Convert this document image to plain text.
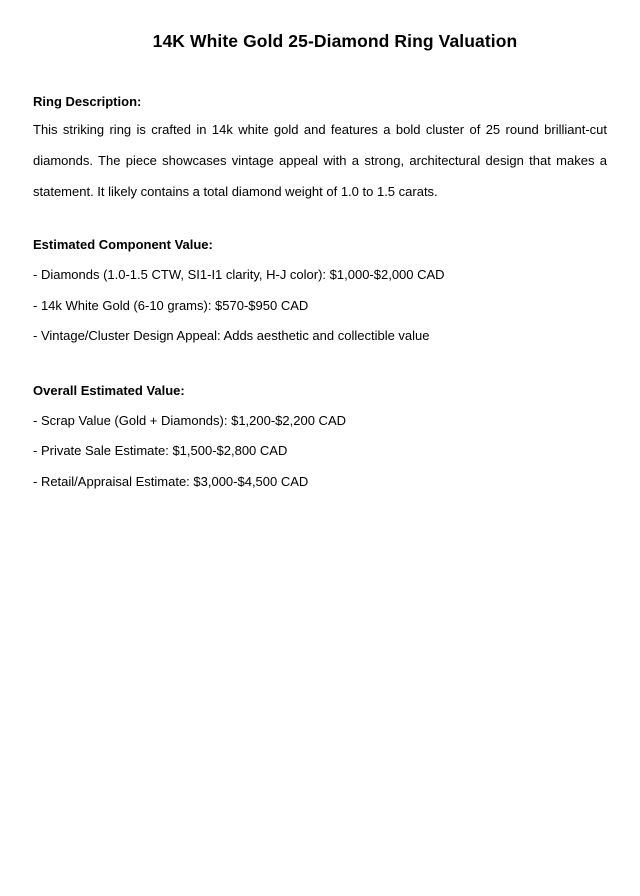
14K White Gold 25-Diamond Ring Valuation

Ring Description:

This striking ring is crafted in 14k white gold and features a bold cluster of 25 round brilliant-cut diamonds. The piece showcases vintage appeal with a strong, architectural design that makes a statement. It likely contains a total diamond weight of 1.0 to 1.5 carats.

Estimated Component Value:

- Diamonds (1.0-1.5 CTW, SI1-I1 clarity, H-J color): $1,000-$2,000 CAD
- 14k White Gold (6-10 grams): $570-$950 CAD
- Vintage/Cluster Design Appeal: Adds aesthetic and collectible value

Overall Estimated Value:

- Scrap Value (Gold + Diamonds): $1,200-$2,200 CAD
- Private Sale Estimate: $1,500-$2,800 CAD
- Retail/Appraisal Estimate: $3,000-$4,500 CAD
